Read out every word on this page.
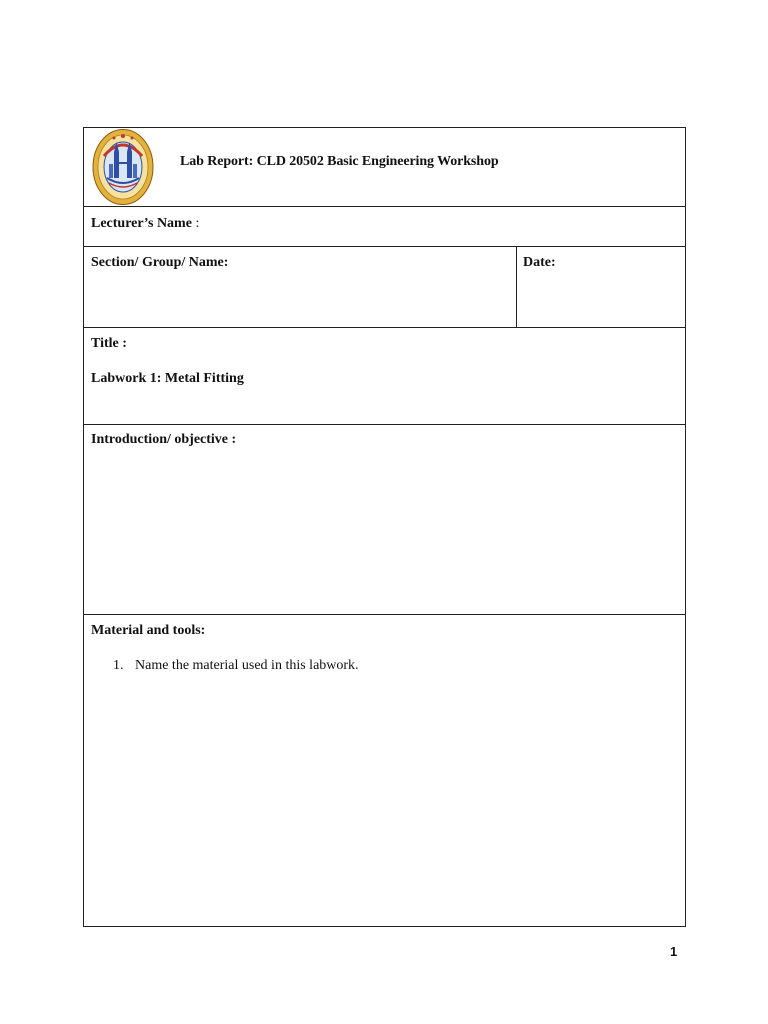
Lab Report: CLD 20502 Basic Engineering Workshop
Lecturer’s Name :
Section/ Group/ Name:	Date:
Title :
Labwork 1: Metal Fitting
Introduction/ objective :
Material and tools:
1. Name the material used in this labwork.
1
